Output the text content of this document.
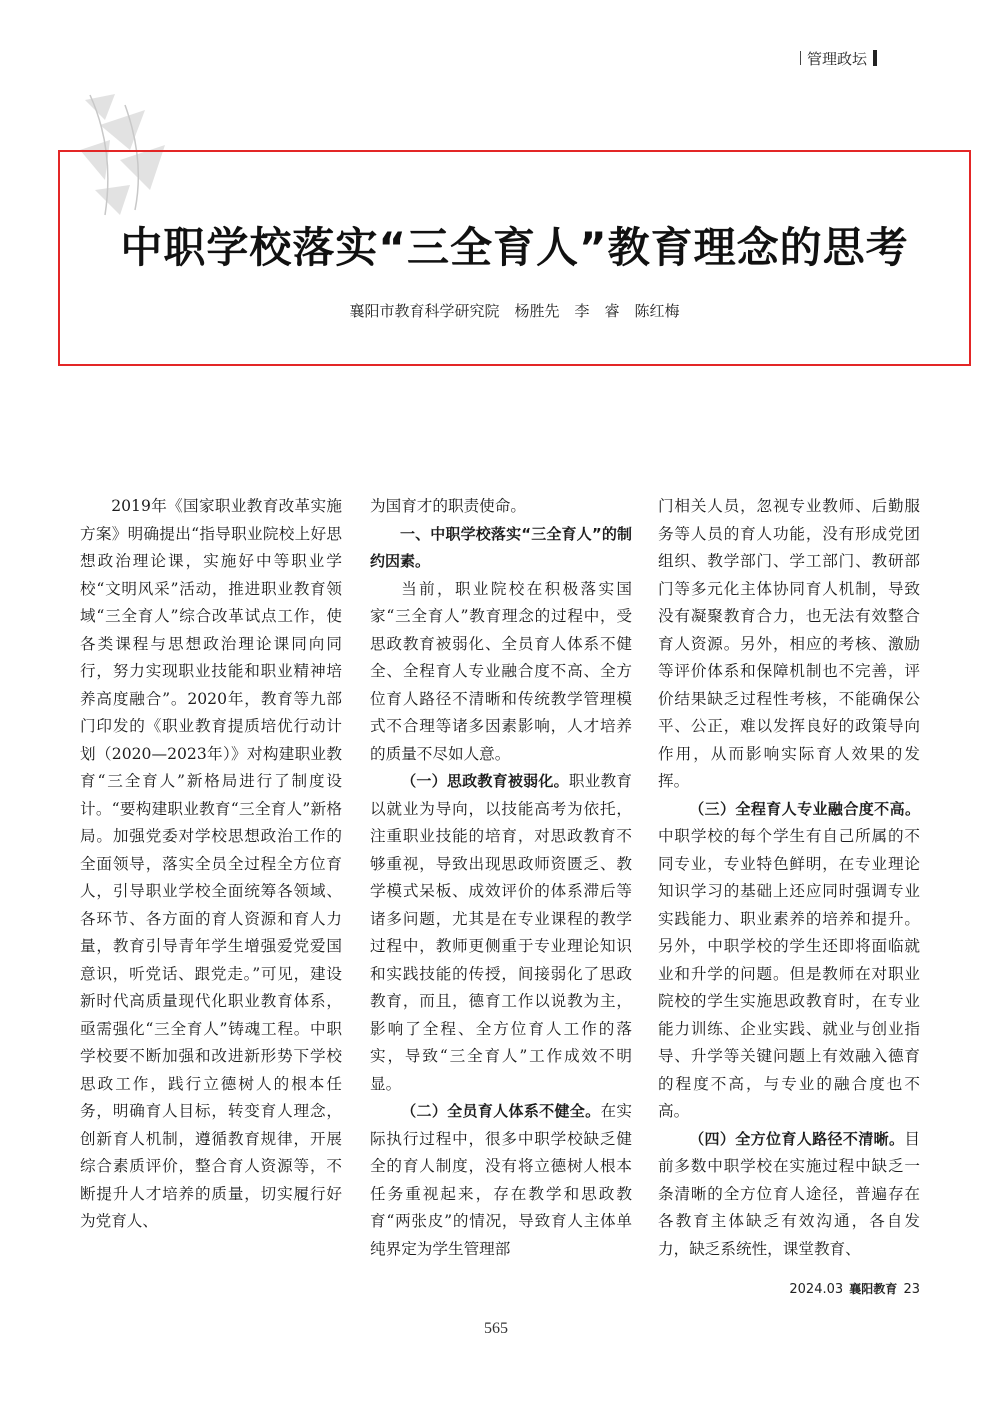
管理政坛
中职学校落实“三全育人”教育理念的思考
襄阳市教育科学研究院　杨胜先　李　睿　陈红梅

2019年《国家职业教育改革实施方案》明确提出“指导职业院校上好思想政治理论课，实施好中等职业学校“文明风采”活动，推进职业教育领域“三全育人”综合改革试点工作，使各类课程与思想政治理论课同向同行，努力实现职业技能和职业精神培养高度融合”。2020年，教育等九部门印发的《职业教育提质培优行动计划（2020—2023年）》对构建职业教育“三全育人”新格局进行了制度设计。“要构建职业教育“三全育人”新格局。加强党委对学校思想政治工作的全面领导，落实全员全过程全方位育人，引导职业学校全面统筹各领域、各环节、各方面的育人资源和育人力量，教育引导青年学生增强爱党爱国意识，听党话、跟党走。”可见，建设新时代高质量现代化职业教育体系，亟需强化“三全育人”铸魂工程。中职学校要不断加强和改进新形势下学校思政工作，践行立德树人的根本任务，明确育人目标，转变育人理念，创新育人机制，遵循教育规律，开展综合素质评价，整合育人资源等，不断提升人才培养的质量，切实履行好为党育人、

为国育才的职责使命。

一、中职学校落实“三全育人”的制约因素。

当前，职业院校在积极落实国家“三全育人”教育理念的过程中，受思政教育被弱化、全员育人体系不健全、全程育人专业融合度不高、全方位育人路径不清晰和传统教学管理模式不合理等诸多因素影响，人才培养的质量不尽如人意。

（一）思政教育被弱化。职业教育以就业为导向，以技能高考为依托，注重职业技能的培育，对思政教育不够重视，导致出现思政师资匮乏、教学模式呆板、成效评价的体系滞后等诸多问题，尤其是在专业课程的教学过程中，教师更侧重于专业理论知识和实践技能的传授，间接弱化了思政教育，而且，德育工作以说教为主，影响了全程、全方位育人工作的落实，导致“三全育人”工作成效不明显。

（二）全员育人体系不健全。在实际执行过程中，很多中职学校缺乏健全的育人制度，没有将立德树人根本任务重视起来，存在教学和思政教育“两张皮”的情况，导致育人主体单纯界定为学生管理部

门相关人员，忽视专业教师、后勤服务等人员的育人功能，没有形成党团组织、教学部门、学工部门、教研部门等多元化主体协同育人机制，导致没有凝聚教育合力，也无法有效整合育人资源。另外，相应的考核、激励等评价体系和保障机制也不完善，评价结果缺乏过程性考核，不能确保公平、公正，难以发挥良好的政策导向作用，从而影响实际育人效果的发挥。

（三）全程育人专业融合度不高。中职学校的每个学生有自己所属的不同专业，专业特色鲜明，在专业理论知识学习的基础上还应同时强调专业实践能力、职业素养的培养和提升。另外，中职学校的学生还即将面临就业和升学的问题。但是教师在对职业院校的学生实施思政教育时，在专业能力训练、企业实践、就业与创业指导、升学等关键问题上有效融入德育的程度不高，与专业的融合度也不高。

（四）全方位育人路径不清晰。目前多数中职学校在实施过程中缺乏一条清晰的全方位育人途径，普遍存在各教育主体缺乏有效沟通，各自发力，缺乏系统性，课堂教育、

2024.03 襄阳教育 23
565
